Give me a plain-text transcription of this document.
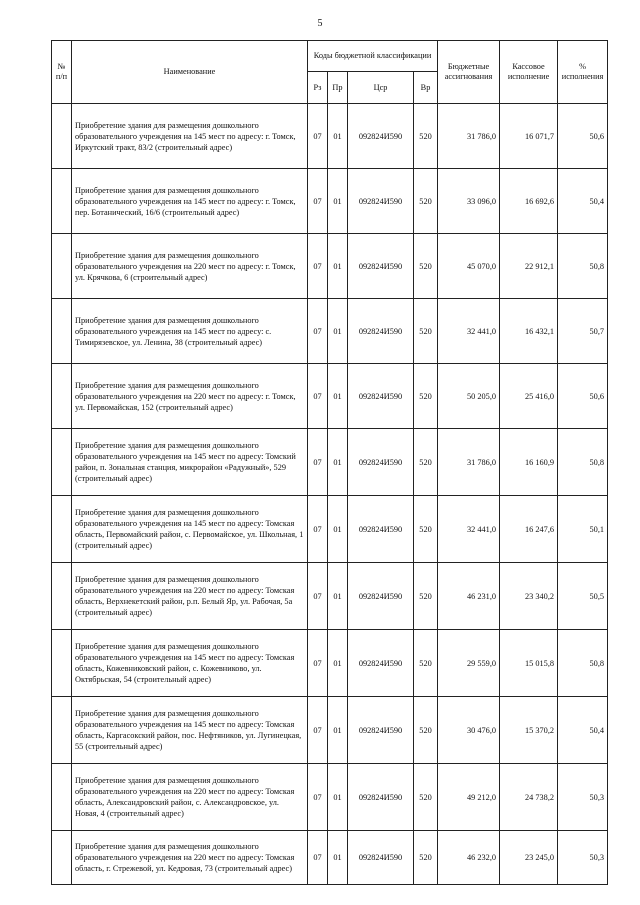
5
№ п/п	Наименование	Коды бюджетной классификации				Бюджетные ассигнования	Кассовое исполнение	% исполнения
		Рз	Пр	Цср	Вр			
	Приобретение здания для размещения дошкольного образовательного учреждения на 145 мест по адресу: г. Томск, Иркутский тракт, 83/2 (строительный адрес)	07	01	092824И590	520	31 786,0	16 071,7	50,6
	Приобретение здания для размещения дошкольного образовательного учреждения на 145 мест по адресу: г. Томск, пер. Ботанический, 16/6 (строительный адрес)	07	01	092824И590	520	33 096,0	16 692,6	50,4
	Приобретение здания для размещения дошкольного образовательного учреждения на 220 мест по адресу: г. Томск, ул. Крячкова, 6 (строительный адрес)	07	01	092824И590	520	45 070,0	22 912,1	50,8
	Приобретение здания для размещения дошкольного образовательного учреждения на 145 мест по адресу: с. Тимирязевское, ул. Ленина, 38 (строительный адрес)	07	01	092824И590	520	32 441,0	16 432,1	50,7
	Приобретение здания для размещения дошкольного образовательного учреждения на 220 мест по адресу: г. Томск, ул. Первомайская, 152 (строительный адрес)	07	01	092824И590	520	50 205,0	25 416,0	50,6
	Приобретение здания для размещения дошкольного образовательного учреждения на 145 мест по адресу: Томский район, п. Зональная станция, микрорайон «Радужный», 529 (строительный адрес)	07	01	092824И590	520	31 786,0	16 160,9	50,8
	Приобретение здания для размещения дошкольного образовательного учреждения на 145 мест по адресу: Томская область, Первомайский район, с. Первомайское, ул. Школьная, 1 (строительный адрес)	07	01	092824И590	520	32 441,0	16 247,6	50,1
	Приобретение здания для размещения дошкольного образовательного учреждения на 220 мест по адресу: Томская область, Верхнекетский район, р.п. Белый Яр, ул. Рабочая, 5а (строительный адрес)	07	01	092824И590	520	46 231,0	23 340,2	50,5
	Приобретение здания для размещения дошкольного образовательного учреждения на 145 мест по адресу: Томская область, Кожевниковский район, с. Кожевниково, ул. Октябрьская, 54 (строительный адрес)	07	01	092824И590	520	29 559,0	15 015,8	50,8
	Приобретение здания для размещения дошкольного образовательного учреждения на 145 мест по адресу: Томская область, Каргасокский район, пос. Нефтяников, ул. Лугинецкая, 55 (строительный адрес)	07	01	092824И590	520	30 476,0	15 370,2	50,4
	Приобретение здания для размещения дошкольного образовательного учреждения на 220 мест по адресу: Томская область, Александровский район, с. Александровское, ул. Новая, 4 (строительный адрес)	07	01	092824И590	520	49 212,0	24 738,2	50,3
	Приобретение здания для размещения дошкольного образовательного учреждения на 220 мест по адресу: Томская область, г. Стрежевой, ул. Кедровая, 73 (строительный адрес)	07	01	092824И590	520	46 232,0	23 245,0	50,3
